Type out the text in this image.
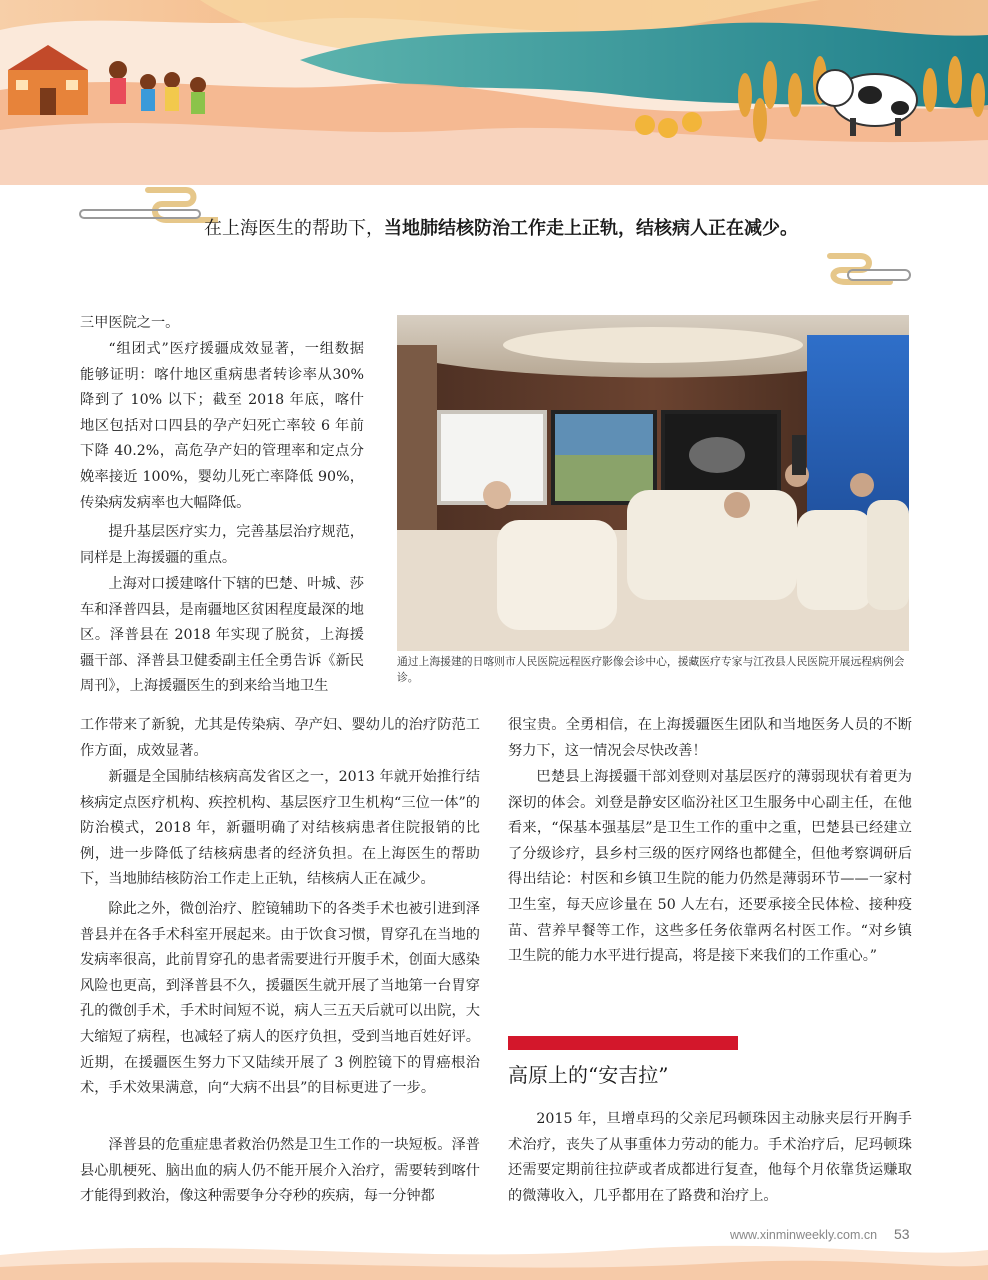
在上海医生的帮助下，当地肺结核防治工作走上正轨，结核病人正在减少。

三甲医院之一。

“组团式”医疗援疆成效显著，一组数据能够证明：喀什地区重病患者转诊率从30% 降到了 10% 以下；截至 2018 年底，喀什地区包括对口四县的孕产妇死亡率较 6 年前下降 40.2%，高危孕产妇的管理率和定点分娩率接近 100%，婴幼儿死亡率降低 90%，传染病发病率也大幅降低。

提升基层医疗实力，完善基层治疗规范，同样是上海援疆的重点。

上海对口援建喀什下辖的巴楚、叶城、莎车和泽普四县，是南疆地区贫困程度最深的地区。泽普县在 2018 年实现了脱贫，上海援疆干部、泽普县卫健委副主任全勇告诉《新民周刊》，上海援疆医生的到来给当地卫生

通过上海援建的日喀则市人民医院远程医疗影像会诊中心，援藏医疗专家与江孜县人民医院开展远程病例会诊。

工作带来了新貌，尤其是传染病、孕产妇、婴幼儿的治疗防范工作方面，成效显著。

新疆是全国肺结核病高发省区之一，2013 年就开始推行结核病定点医疗机构、疾控机构、基层医疗卫生机构“三位一体”的防治模式，2018 年，新疆明确了对结核病患者住院报销的比例，进一步降低了结核病患者的经济负担。在上海医生的帮助下，当地肺结核防治工作走上正轨，结核病人正在减少。

除此之外，微创治疗、腔镜辅助下的各类手术也被引进到泽普县并在各手术科室开展起来。由于饮食习惯，胃穿孔在当地的发病率很高，此前胃穿孔的患者需要进行开腹手术，创面大感染风险也更高，到泽普县不久，援疆医生就开展了当地第一台胃穿孔的微创手术，手术时间短不说，病人三五天后就可以出院，大大缩短了病程，也减轻了病人的医疗负担，受到当地百姓好评。近期，在援疆医生努力下又陆续开展了 3 例腔镜下的胃癌根治术，手术效果满意，向“大病不出县”的目标更进了一步。

泽普县的危重症患者救治仍然是卫生工作的一块短板。泽普县心肌梗死、脑出血的病人仍不能开展介入治疗，需要转到喀什才能得到救治，像这种需要争分夺秒的疾病，每一分钟都

很宝贵。全勇相信，在上海援疆医生团队和当地医务人员的不断努力下，这一情况会尽快改善！

巴楚县上海援疆干部刘登则对基层医疗的薄弱现状有着更为深切的体会。刘登是静安区临汾社区卫生服务中心副主任，在他看来，“保基本强基层”是卫生工作的重中之重，巴楚县已经建立了分级诊疗，县乡村三级的医疗网络也都健全，但他考察调研后得出结论：村医和乡镇卫生院的能力仍然是薄弱环节——一家村卫生室，每天应诊量在 50 人左右，还要承接全民体检、接种疫苗、营养早餐等工作，这些多任务依靠两名村医工作。“对乡镇卫生院的能力水平进行提高，将是接下来我们的工作重心。”

高原上的“安吉拉”

2015 年，旦增卓玛的父亲尼玛顿珠因主动脉夹层行开胸手术治疗，丧失了从事重体力劳动的能力。手术治疗后，尼玛顿珠还需要定期前往拉萨或者成都进行复查，他每个月依靠货运赚取的微薄收入，几乎都用在了路费和治疗上。

www.xinminweekly.com.cn 53
